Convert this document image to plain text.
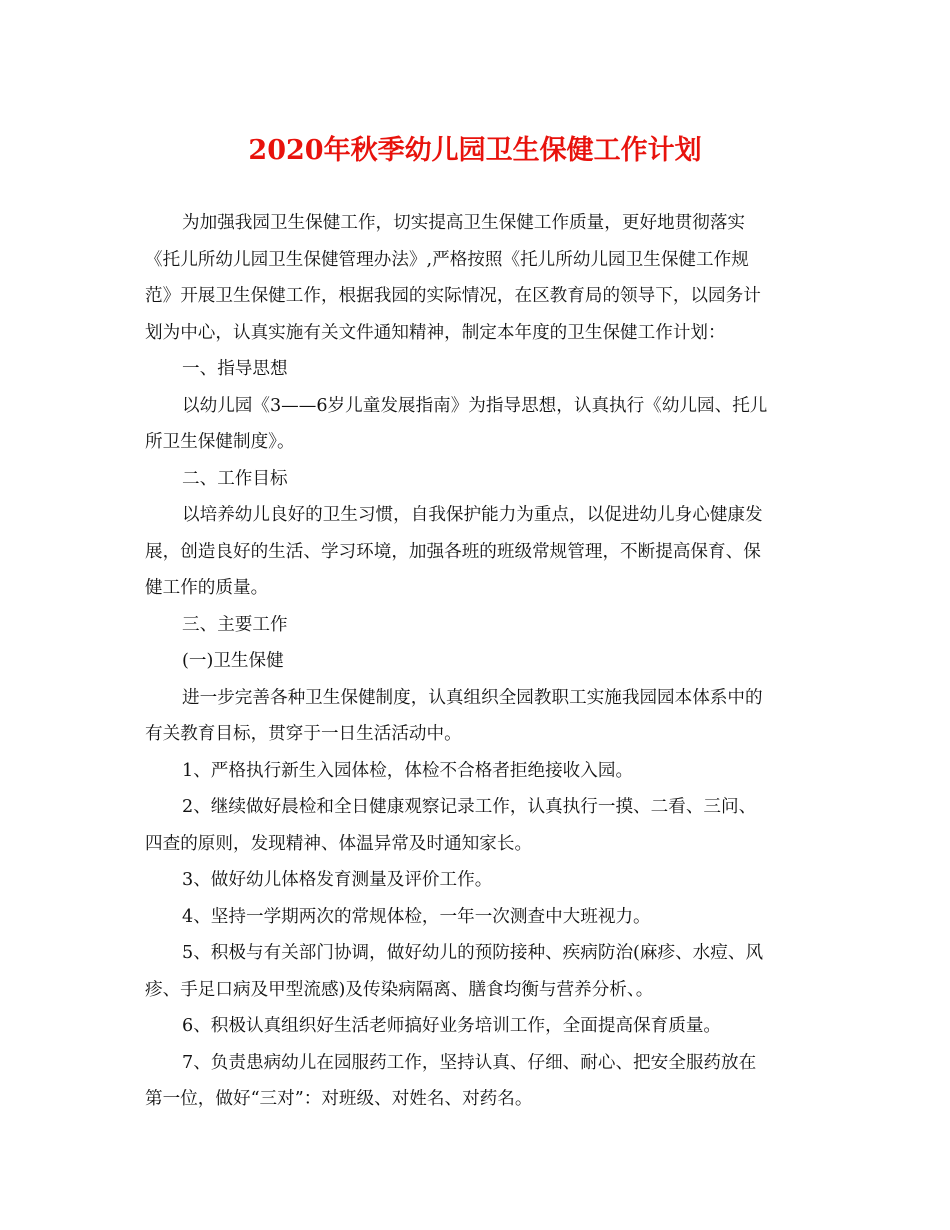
2020年秋季幼儿园卫生保健工作计划
为加强我园卫生保健工作，切实提高卫生保健工作质量，更好地贯彻落实
《托儿所幼儿园卫生保健管理办法》,严格按照《托儿所幼儿园卫生保健工作规
范》开展卫生保健工作，根据我园的实际情况，在区教育局的领导下，以园务计
划为中心，认真实施有关文件通知精神，制定本年度的卫生保健工作计划：
一、指导思想
以幼儿园《3——6岁儿童发展指南》为指导思想，认真执行《幼儿园、托儿
所卫生保健制度》。
二、工作目标
以培养幼儿良好的卫生习惯，自我保护能力为重点，以促进幼儿身心健康发
展，创造良好的生活、学习环境，加强各班的班级常规管理，不断提高保育、保
健工作的质量。
三、主要工作
(一)卫生保健
进一步完善各种卫生保健制度，认真组织全园教职工实施我园园本体系中的
有关教育目标，贯穿于一日生活活动中。
1、严格执行新生入园体检，体检不合格者拒绝接收入园。
2、继续做好晨检和全日健康观察记录工作，认真执行一摸、二看、三问、
四查的原则，发现精神、体温异常及时通知家长。
3、做好幼儿体格发育测量及评价工作。
4、坚持一学期两次的常规体检，一年一次测查中大班视力。
5、积极与有关部门协调，做好幼儿的预防接种、疾病防治(麻疹、水痘、风
疹、手足口病及甲型流感)及传染病隔离、膳食均衡与营养分析、。
6、积极认真组织好生活老师搞好业务培训工作，全面提高保育质量。
7、负责患病幼儿在园服药工作，坚持认真、仔细、耐心、把安全服药放在
第一位，做好“三对”：对班级、对姓名、对药名。
